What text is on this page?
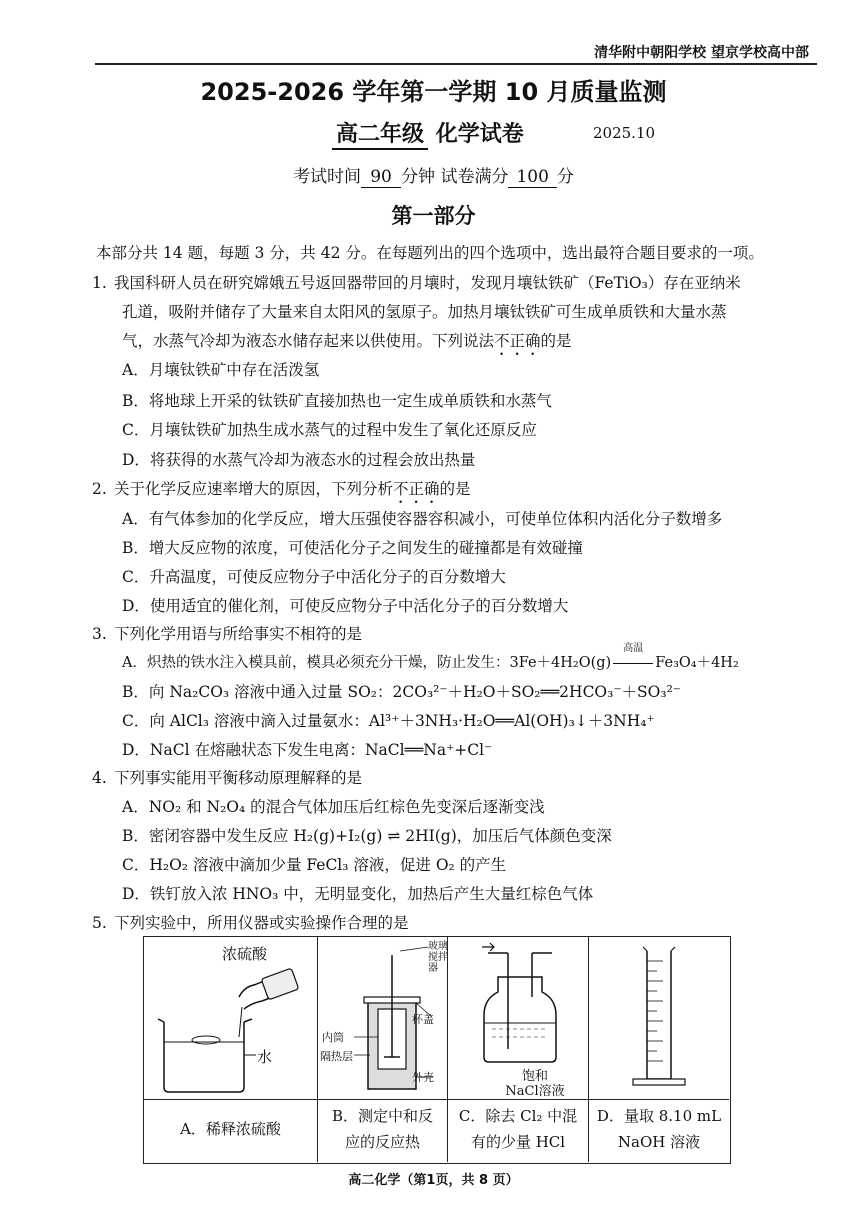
清华附中朝阳学校 望京学校高中部
2025-2026 学年第一学期 10 月质量监测
高二年级 化学试卷	2025.10
考试时间 90 分钟 试卷满分 100 分
第一部分
本部分共 14 题，每题 3 分，共 42 分。在每题列出的四个选项中，选出最符合题目要求的一项。
1. 我国科研人员在研究嫦娥五号返回器带回的月壤时，发现月壤钛铁矿（FeTiO₃）存在亚纳米
孔道，吸附并储存了大量来自太阳风的氢原子。加热月壤钛铁矿可生成单质铁和大量水蒸
气，水蒸气冷却为液态水储存起来以供使用。下列说法不正确的是
A．月壤钛铁矿中存在活泼氢
B．将地球上开采的钛铁矿直接加热也一定生成单质铁和水蒸气
C．月壤钛铁矿加热生成水蒸气的过程中发生了氧化还原反应
D．将获得的水蒸气冷却为液态水的过程会放出热量
2. 关于化学反应速率增大的原因，下列分析不正确的是
A．有气体参加的化学反应，增大压强使容器容积减小，可使单位体积内活化分子数增多
B．增大反应物的浓度，可使活化分子之间发生的碰撞都是有效碰撞
C．升高温度，可使反应物分子中活化分子的百分数增大
D．使用适宜的催化剂，可使反应物分子中活化分子的百分数增大
3. 下列化学用语与所给事实不相符的是
A．炽热的铁水注入模具前，模具必须充分干燥，防止发生：3Fe＋4H₂O(g)
高温
Fe₃O₄＋4H₂
B．向 Na₂CO₃ 溶液中通入过量 SO₂：2CO₃²⁻＋H₂O＋SO₂══2HCO₃⁻＋SO₃²⁻
C．向 AlCl₃ 溶液中滴入过量氨水：Al³⁺＋3NH₃·H₂O══Al(OH)₃↓＋3NH₄⁺
D．NaCl 在熔融状态下发生电离：NaCl══Na⁺+Cl⁻
4. 下列事实能用平衡移动原理解释的是
A．NO₂ 和 N₂O₄ 的混合气体加压后红棕色先变深后逐渐变浅
B．密闭容器中发生反应 H₂(g)+I₂(g) ⇌ 2HI(g)，加压后气体颜色变深
C．H₂O₂ 溶液中滴加少量 FeCl₃ 溶液，促进 O₂ 的产生
D．铁钉放入浓 HNO₃ 中，无明显变化，加热后产生大量红棕色气体
5. 下列实验中，所用仪器或实验操作合理的是
浓硫酸
水
玻璃搅拌器
内筒
隔热层
杯盖
外壳	饱和
NaCl溶液
A．稀释浓硫酸
B．测定中和反
应的反应热
C．除去 Cl₂ 中混
有的少量 HCl
D．量取 8.10 mL
NaOH 溶液
高二化学（第1页，共 8 页）
